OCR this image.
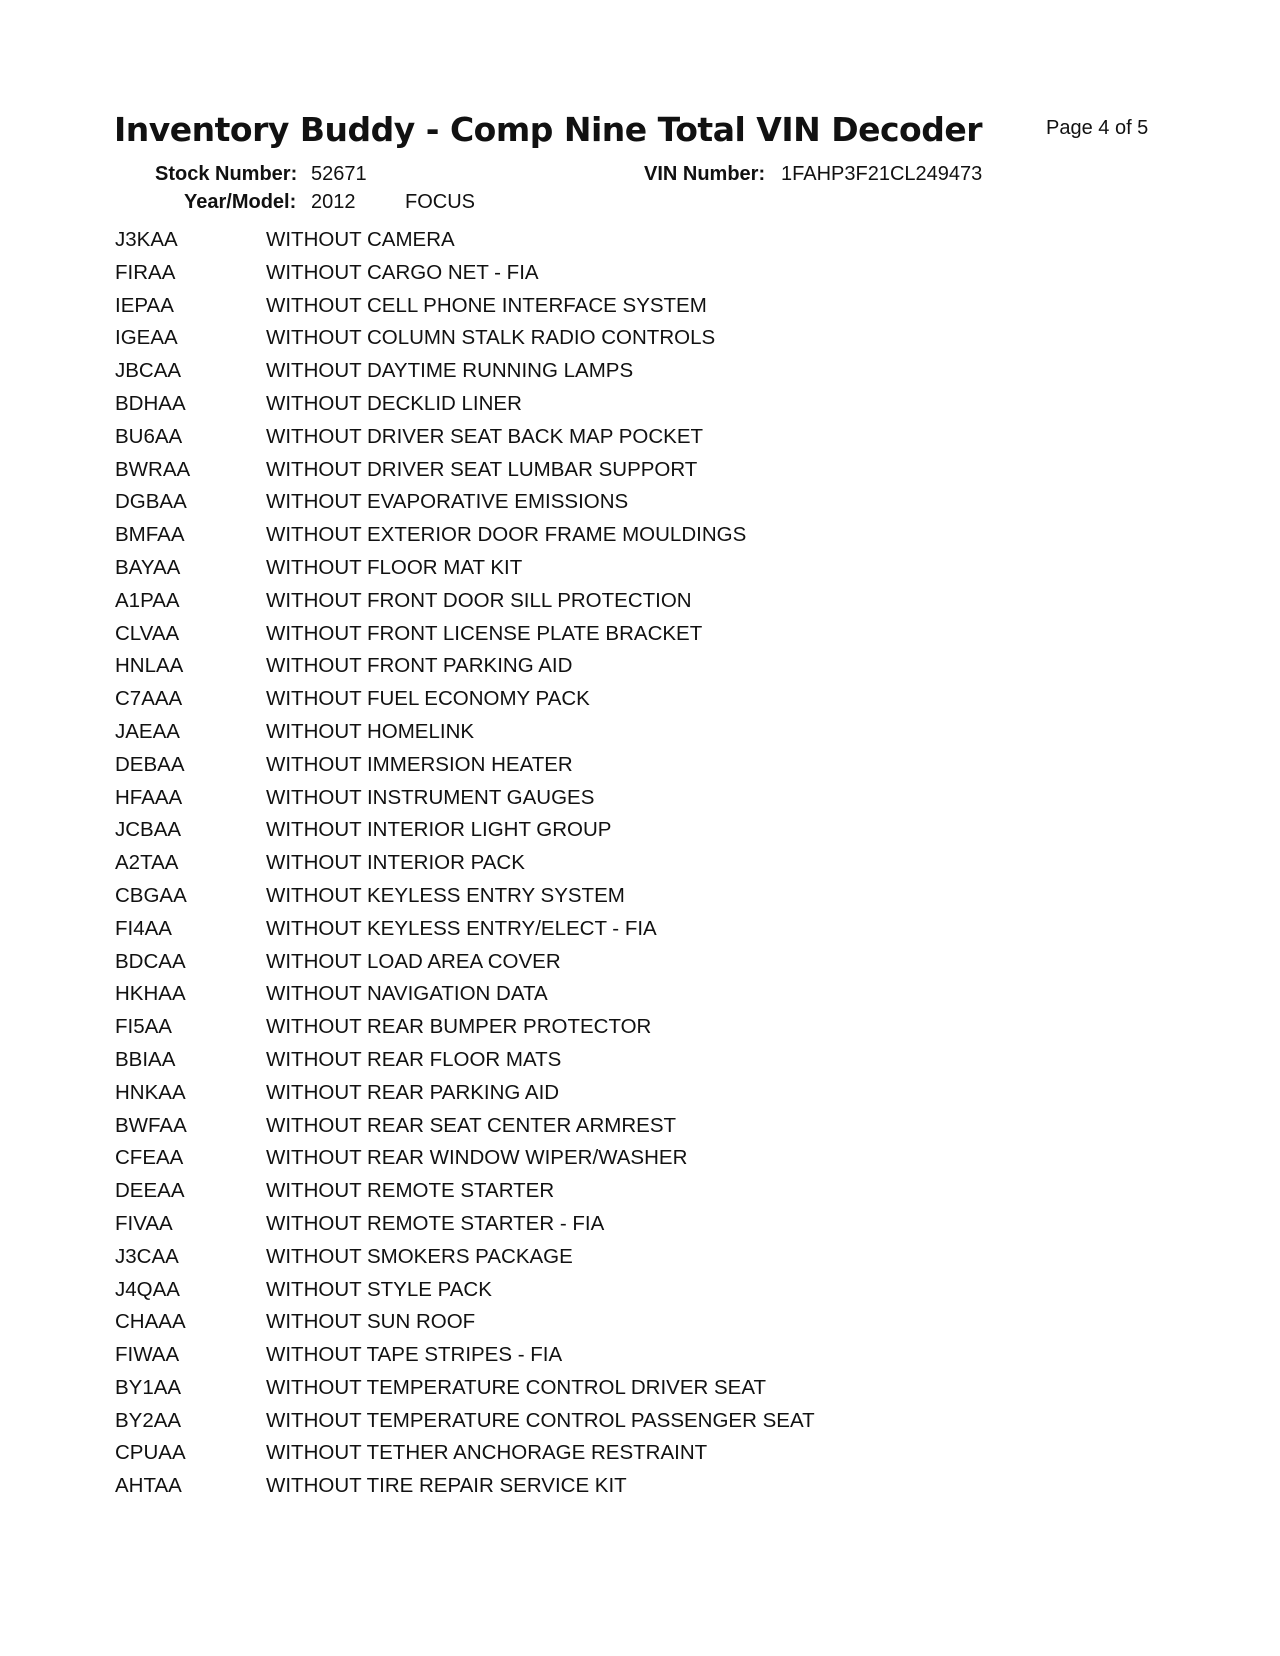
Inventory Buddy - Comp Nine Total VIN Decoder	Page 4 of 5
Stock Number: 52671	VIN Number: 1FAHP3F21CL249473
Year/Model: 2012 FOCUS
J3KAA	WITHOUT CAMERA
FIRAA	WITHOUT CARGO NET - FIA
IEPAA	WITHOUT CELL PHONE INTERFACE SYSTEM
IGEAA	WITHOUT COLUMN STALK RADIO CONTROLS
JBCAA	WITHOUT DAYTIME RUNNING LAMPS
BDHAA	WITHOUT DECKLID LINER
BU6AA	WITHOUT DRIVER SEAT BACK MAP POCKET
BWRAA	WITHOUT DRIVER SEAT LUMBAR SUPPORT
DGBAA	WITHOUT EVAPORATIVE EMISSIONS
BMFAA	WITHOUT EXTERIOR DOOR FRAME MOULDINGS
BAYAA	WITHOUT FLOOR MAT KIT
A1PAA	WITHOUT FRONT DOOR SILL PROTECTION
CLVAA	WITHOUT FRONT LICENSE PLATE BRACKET
HNLAA	WITHOUT FRONT PARKING AID
C7AAA	WITHOUT FUEL ECONOMY PACK
JAEAA	WITHOUT HOMELINK
DEBAA	WITHOUT IMMERSION HEATER
HFAAA	WITHOUT INSTRUMENT GAUGES
JCBAA	WITHOUT INTERIOR LIGHT GROUP
A2TAA	WITHOUT INTERIOR PACK
CBGAA	WITHOUT KEYLESS ENTRY SYSTEM
FI4AA	WITHOUT KEYLESS ENTRY/ELECT - FIA
BDCAA	WITHOUT LOAD AREA COVER
HKHAA	WITHOUT NAVIGATION DATA
FI5AA	WITHOUT REAR BUMPER PROTECTOR
BBIAA	WITHOUT REAR FLOOR MATS
HNKAA	WITHOUT REAR PARKING AID
BWFAA	WITHOUT REAR SEAT CENTER ARMREST
CFEAA	WITHOUT REAR WINDOW WIPER/WASHER
DEEAA	WITHOUT REMOTE STARTER
FIVAA	WITHOUT REMOTE STARTER - FIA
J3CAA	WITHOUT SMOKERS PACKAGE
J4QAA	WITHOUT STYLE PACK
CHAAA	WITHOUT SUN ROOF
FIWAA	WITHOUT TAPE STRIPES - FIA
BY1AA	WITHOUT TEMPERATURE CONTROL DRIVER SEAT
BY2AA	WITHOUT TEMPERATURE CONTROL PASSENGER SEAT
CPUAA	WITHOUT TETHER ANCHORAGE RESTRAINT
AHTAA	WITHOUT TIRE REPAIR SERVICE KIT
